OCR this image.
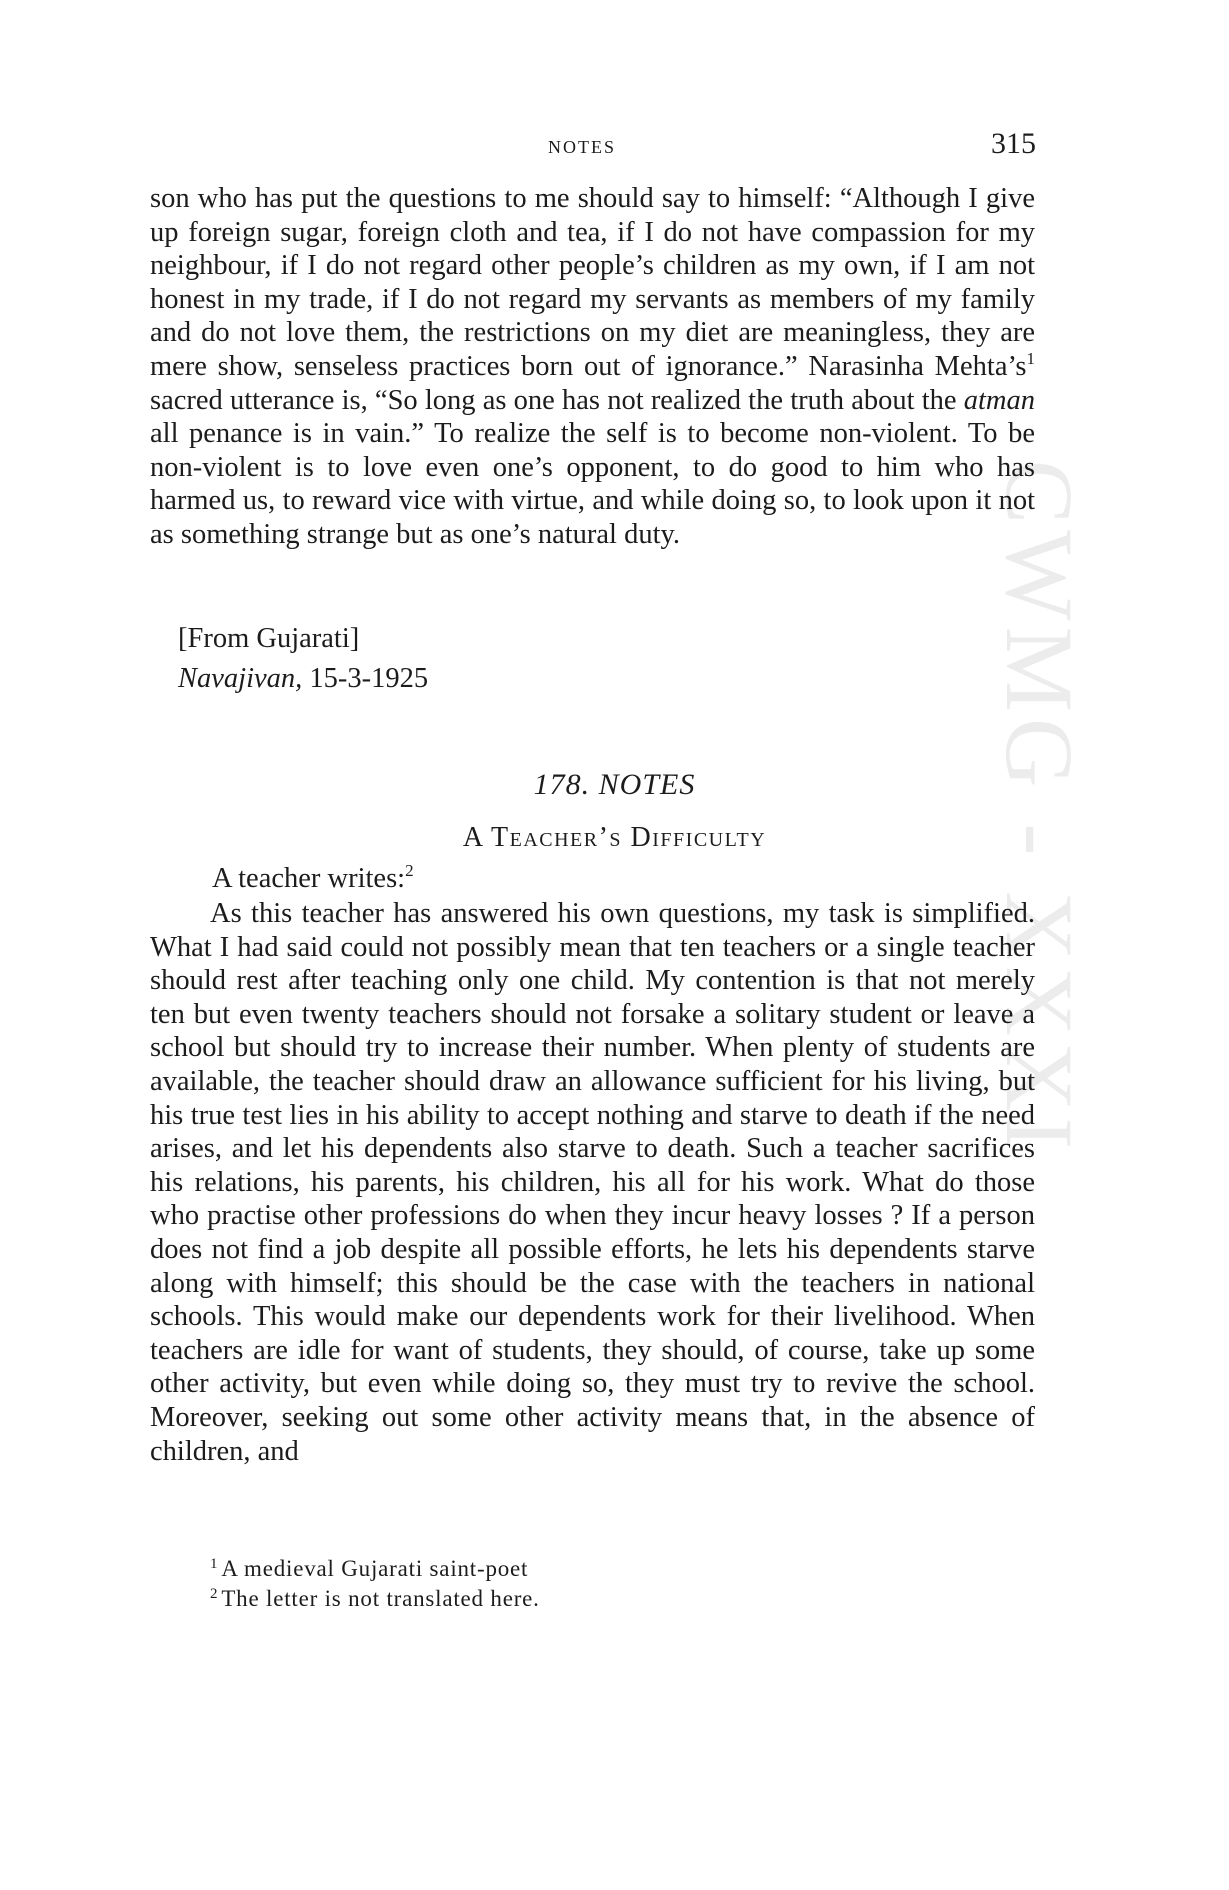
CWMG - XXXI
NOTES	315

son who has put the questions to me should say to himself: “Although I give up foreign sugar, foreign cloth and tea, if I do not have compassion for my neighbour, if I do not regard other people’s children as my own, if I am not honest in my trade, if I do not regard my servants as members of my family and do not love them, the restrictions on my diet are meaningless, they are mere show, senseless practices born out of ignorance.” Narasinha Mehta’s$^1$ sacred utterance is, “So long as one has not realized the truth about the atman all penance is in vain.” To realize the self is to become non-violent. To be non-violent is to love even one’s opponent, to do good to him who has harmed us, to reward vice with virtue, and while doing so, to look upon it not as something strange but as one’s natural duty.

[From Gujarati]
Navajivan, 15-3-1925
178. NOTES
A Teacher’s Difficulty
A teacher writes:$^2$

As this teacher has answered his own questions, my task is simplified. What I had said could not possibly mean that ten teachers or a single teacher should rest after teaching only one child. My contention is that not merely ten but even twenty teachers should not forsake a solitary student or leave a school but should try to increase their number. When plenty of students are available, the teacher should draw an allowance sufficient for his living, but his true test lies in his ability to accept nothing and starve to death if the need arises, and let his dependents also starve to death. Such a teacher sacrifices his relations, his parents, his children, his all for his work. What do those who practise other professions do when they incur heavy losses ? If a person does not find a job despite all possible efforts, he lets his dependents starve along with himself; this should be the case with the teachers in national schools. This would make our dependents work for their livelihood. When teachers are idle for want of students, they should, of course, take up some other activity, but even while doing so, they must try to revive the school. Moreover, seeking out some other activity means that, in the absence of children, and

$^1$ A medieval Gujarati saint-poet
$^2$ The letter is not translated here.
